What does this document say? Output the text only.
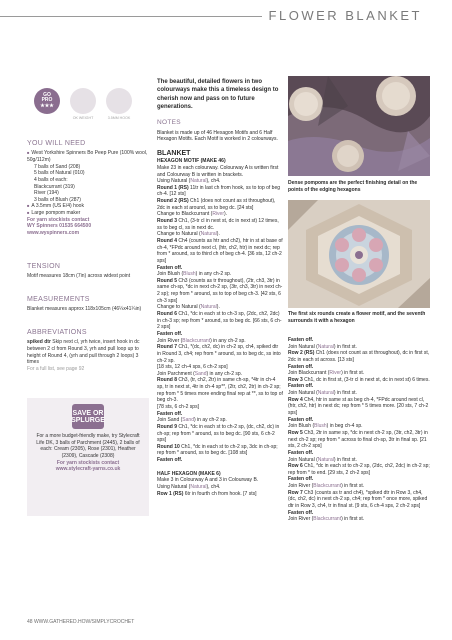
FLOWER BLANKET
GO
PRO
★★★
OK WEIGHT	3.5MM HOOK
YOU WILL NEED
■ West Yorkshire Spinners Bo Peep Pure (100% wool, 50g/112m)
7 balls of Sand (208)
5 balls of Natural (010)
4 balls of each:
Blackcurrant (319)
River (194)
3 balls of Blush (287)
■ A 3.5mm (US E/4) hook
■ Large pompom maker
For yarn stockists contact
WY Spinners 01535 664500
www.wyspinners.com
TENSION
Motif measures 18cm (7in) across widest point
MEASUREMENTS
Blanket measures approx 118x105cm (46¼x41¼in)
ABBREVIATIONS
spiked dtr Skip next cl, yrh twice, insert hook in dc between 2 cl from Round 3, yrh and pull loop up to height of Round 4, (yrh and pull through 2 loops) 3 times
For a full list, see page 92
SAVE OR
SPLURGE
For a more budget-friendly make, try Stylecraft Life DK, 3 balls of Parchment (2445), 2 balls of each: Cream (2305), Rose (2301), Heather (2309), Cascade (2308)
For yarn stockists contact
www.stylecraft-yarns.co.uk

The beautiful, detailed flowers in two colourways make this a timeless design to cherish now and pass on to future generations.

NOTES

Blanket is made up of 46 Hexagon Motifs and 6 Half Hexagon Motifs. Each Motif is worked in 2 colourways.

BLANKET

HEXAGON MOTIF (MAKE 46)

Make 23 in each colourway. Colourway A is written first and Colourway B is written in brackets.

Using Natural (Natural), ch4.

Round 1 (RS) 11tr in last ch from hook, ss to top of beg ch-4. [12 sts]

Round 2 (RS) Ch1 (does not count as st throughout), 2dc in each st around, ss to beg dc. [24 sts]

Change to Blackcurrant (River).

Round 3 Ch1, (3-tr cl in next st, dc in next st) 12 times, ss to beg cl, ss in next dc.

Change to Natural (Natural).

Round 4 Ch4 (counts as htr and ch2), htr in st at base of ch-4, *FPdc around next cl, (htr, ch2, htr) in next dc; rep from * around, ss to third ch of beg ch-4. [36 sts, 12 ch-2 sps]

Fasten off.

Join Blush (Blush) in any ch-2 sp.

Round 5 Ch3 (counts as tr throughout), (2tr, ch3, 3tr) in same ch-sp, *dc in next ch-2 sp, (3tr, ch3, 3tr) in next ch-2 sp); rep from * around, ss to top of beg ch-3. [42 sts, 6 ch-3 sps]

Change to Natural (Natural).

Round 6 Ch1, *dc in each st to ch-3 sp, (2dc, ch2, 2dc) in ch-3 sp; rep from * around, ss to beg dc. [66 sts, 6 ch-2 sps]

Fasten off.

Join River (Blackcurrant) in any ch-2 sp.

Round 7 Ch1, *(dc, ch2, dc) in ch-2 sp, ch4, spiked dtr in Round 3, ch4; rep from * around, ss to beg dc, ss into ch-2 sp.

[18 sts, 12 ch-4 sps, 6 ch-2 sps]

Join Parchment (Sand) in any ch-2 sp.

Round 8 Ch3, (tr, ch2, 2tr) in same ch-sp, *4tr in ch-4 sp, tr in next st, 4tr in ch-4 sp**, (2tr, ch2, 2tr) in ch-2 sp; rep from * 5 times more ending final rep at **, ss to top of beg ch-3.

[78 sts, 6 ch-2 sps]

Fasten off.

Join Sand (Sand) in ay ch-2 sp.

Round 9 Ch1, *dc in each st to ch-2 sp, (dc, ch2, dc) in ch-sp; rep from * around, ss to beg dc. [90 sts, 6 ch-2 sps]

Round 10 Ch1, *dc in each st to ch-2 sp, 3dc in ch-sp; rep from * around, ss to beg dc. [108 sts]

Fasten off.

HALF HEXAGON (MAKE 6)

Make 3 in Colourway A and 3 in Colourway B.

Using Natural (Natural), ch4.

Row 1 (RS) 6tr in fourth ch from hook. [7 sts]

Dense pompoms are the perfect finishing detail on the points of the edging hexagons
The first six rounds create a flower motif, and the seventh surrounds it with a hexagon

Fasten off.

Join Natural (Natural) in first st.

Row 2 (RS) Ch1 (does not count as st throughout), dc in first st, 2dc in each st across. [13 sts]

Fasten off.

Join Blackcurrant (River) in first st.

Row 3 Ch1, dc in first st, (3-tr cl in next st, dc in next st) 6 times.

Fasten off.

Join Natural (Natural) in first st.

Row 4 Ch4, htr in same st as beg ch-4, *FPdc around next cl, (htr, ch2, htr) in next dc; rep from * 5 times more. [20 sts, 7 ch-2 sps]

Fasten off.

Join Blush (Blush) in beg ch-4 sp.

Row 5 Ch3, 2tr in same sp, *dc in next ch-2 sp, (3tr, ch2, 3tr) in next ch-2 sp; rep from * across to final ch-sp, 3tr in final sp. [21 sts, 2 ch-2 sps]

Fasten off.

Join Natural (Natural) in first st.

Row 6 Ch1, *dc in each st to ch-2 sp, (2dc, ch2, 2dc) in ch-2 sp; rep from * to end. [29 sts, 2 ch-2 sps]

Fasten off.

Join River (Blackcurrant) in first st.

Row 7 Ch3 (counts as tr and ch4), *spiked dtr in Row 3, ch4, (dc, ch2, dc) in next ch-2 sp, ch4; rep from * once more, spiked dtr in Row 3, ch4, tr in final st. [9 sts, 6 ch-4 sps, 2 ch-2 sps]

Fasten off.

Join River (Blackcurrant) in first st.

48 WWW.GATHERED.HOW/SIMPLYCROCHET
